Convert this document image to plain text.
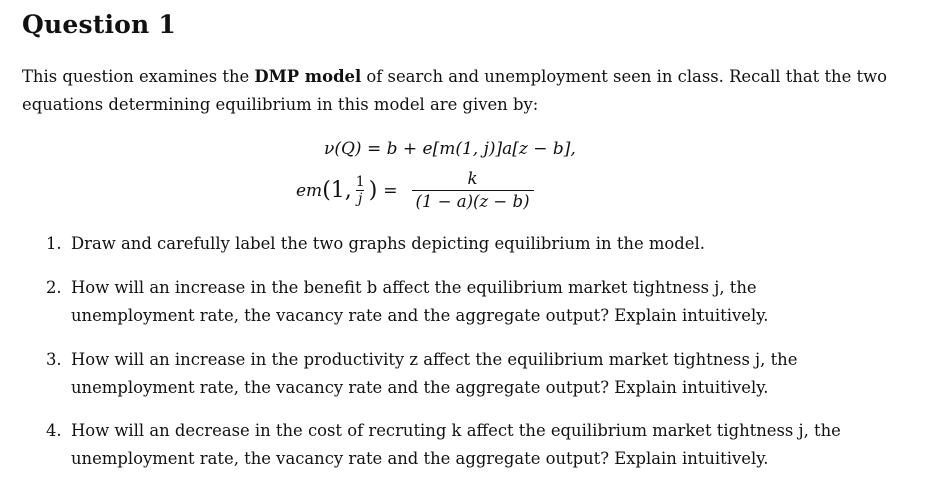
Question 1
This question examines the DMP model of search and unemployment seen in class. Recall that the two equations determining equilibrium in this model are given by:
ν(Q) = b + e[m(1, j)]a[z − b],
em (1, $\frac{1}{j}$ ) = $\frac{k}{(1 - a)(z - b)}$
1. Draw and carefully label the two graphs depicting equilibrium in the model.
2. How will an increase in the benefit b affect the equilibrium market tightness j, the unemployment rate, the vacancy rate and the aggregate output? Explain intuitively.
3. How will an increase in the productivity z affect the equilibrium market tightness j, the unemployment rate, the vacancy rate and the aggregate output? Explain intuitively.
4. How will an decrease in the cost of recruting k affect the equilibrium market tightness j, the unemployment rate, the vacancy rate and the aggregate output? Explain intuitively.
